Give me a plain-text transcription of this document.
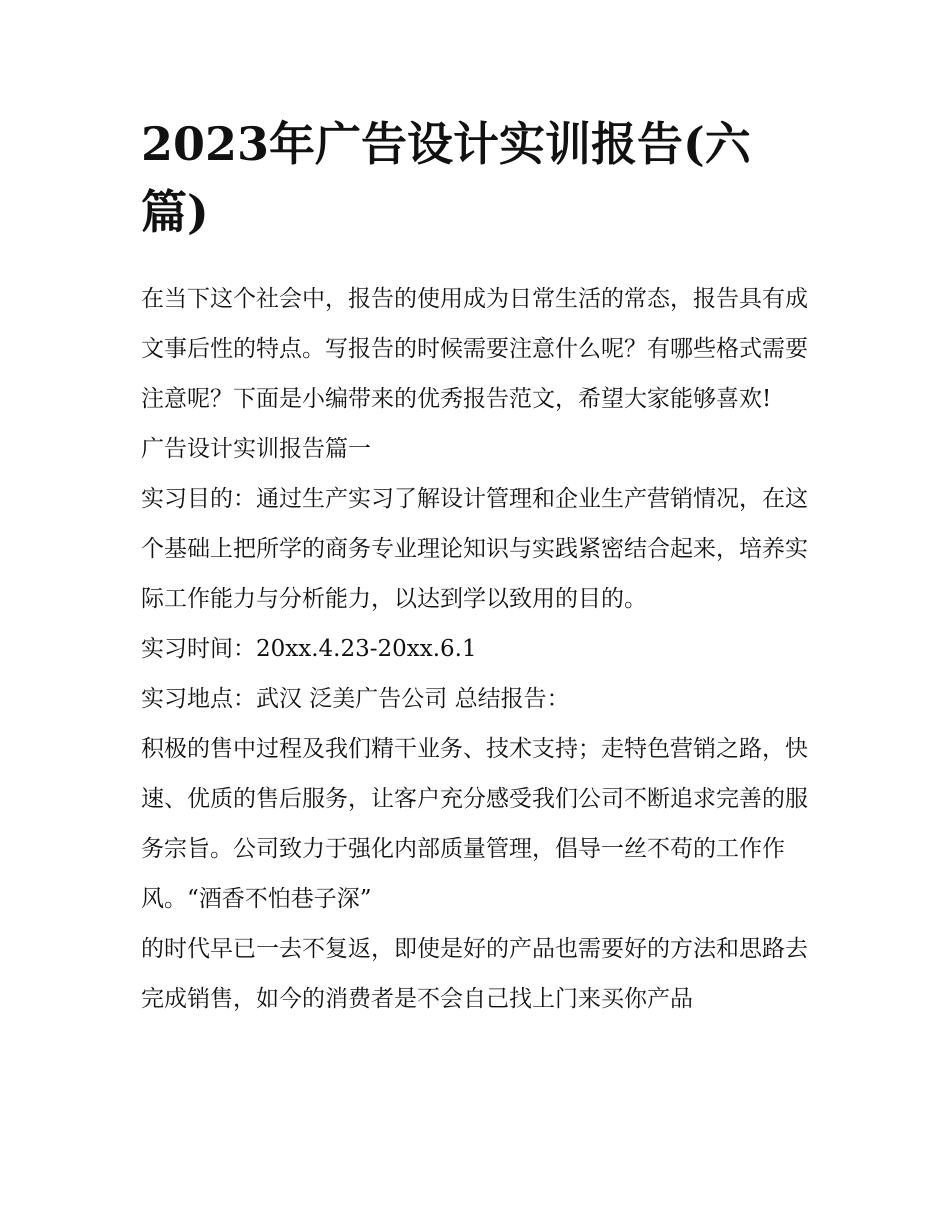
2023年广告设计实训报告(六篇)

在当下这个社会中，报告的使用成为日常生活的常态，报告具有成文事后性的特点。写报告的时候需要注意什么呢？有哪些格式需要注意呢？下面是小编带来的优秀报告范文，希望大家能够喜欢!

广告设计实训报告篇一

实习目的：通过生产实习了解设计管理和企业生产营销情况，在这个基础上把所学的商务专业理论知识与实践紧密结合起来，培养实际工作能力与分析能力，以达到学以致用的目的。

实习时间：20xx.4.23-20xx.6.1

实习地点：武汉 泛美广告公司 总结报告：

积极的售中过程及我们精干业务、技术支持；走特色营销之路，快速、优质的售后服务，让客户充分感受我们公司不断追求完善的服务宗旨。公司致力于强化内部质量管理，倡导一丝不苟的工作作风。“酒香不怕巷子深”

的时代早已一去不复返，即使是好的产品也需要好的方法和思路去完成销售，如今的消费者是不会自己找上门来买你产品
